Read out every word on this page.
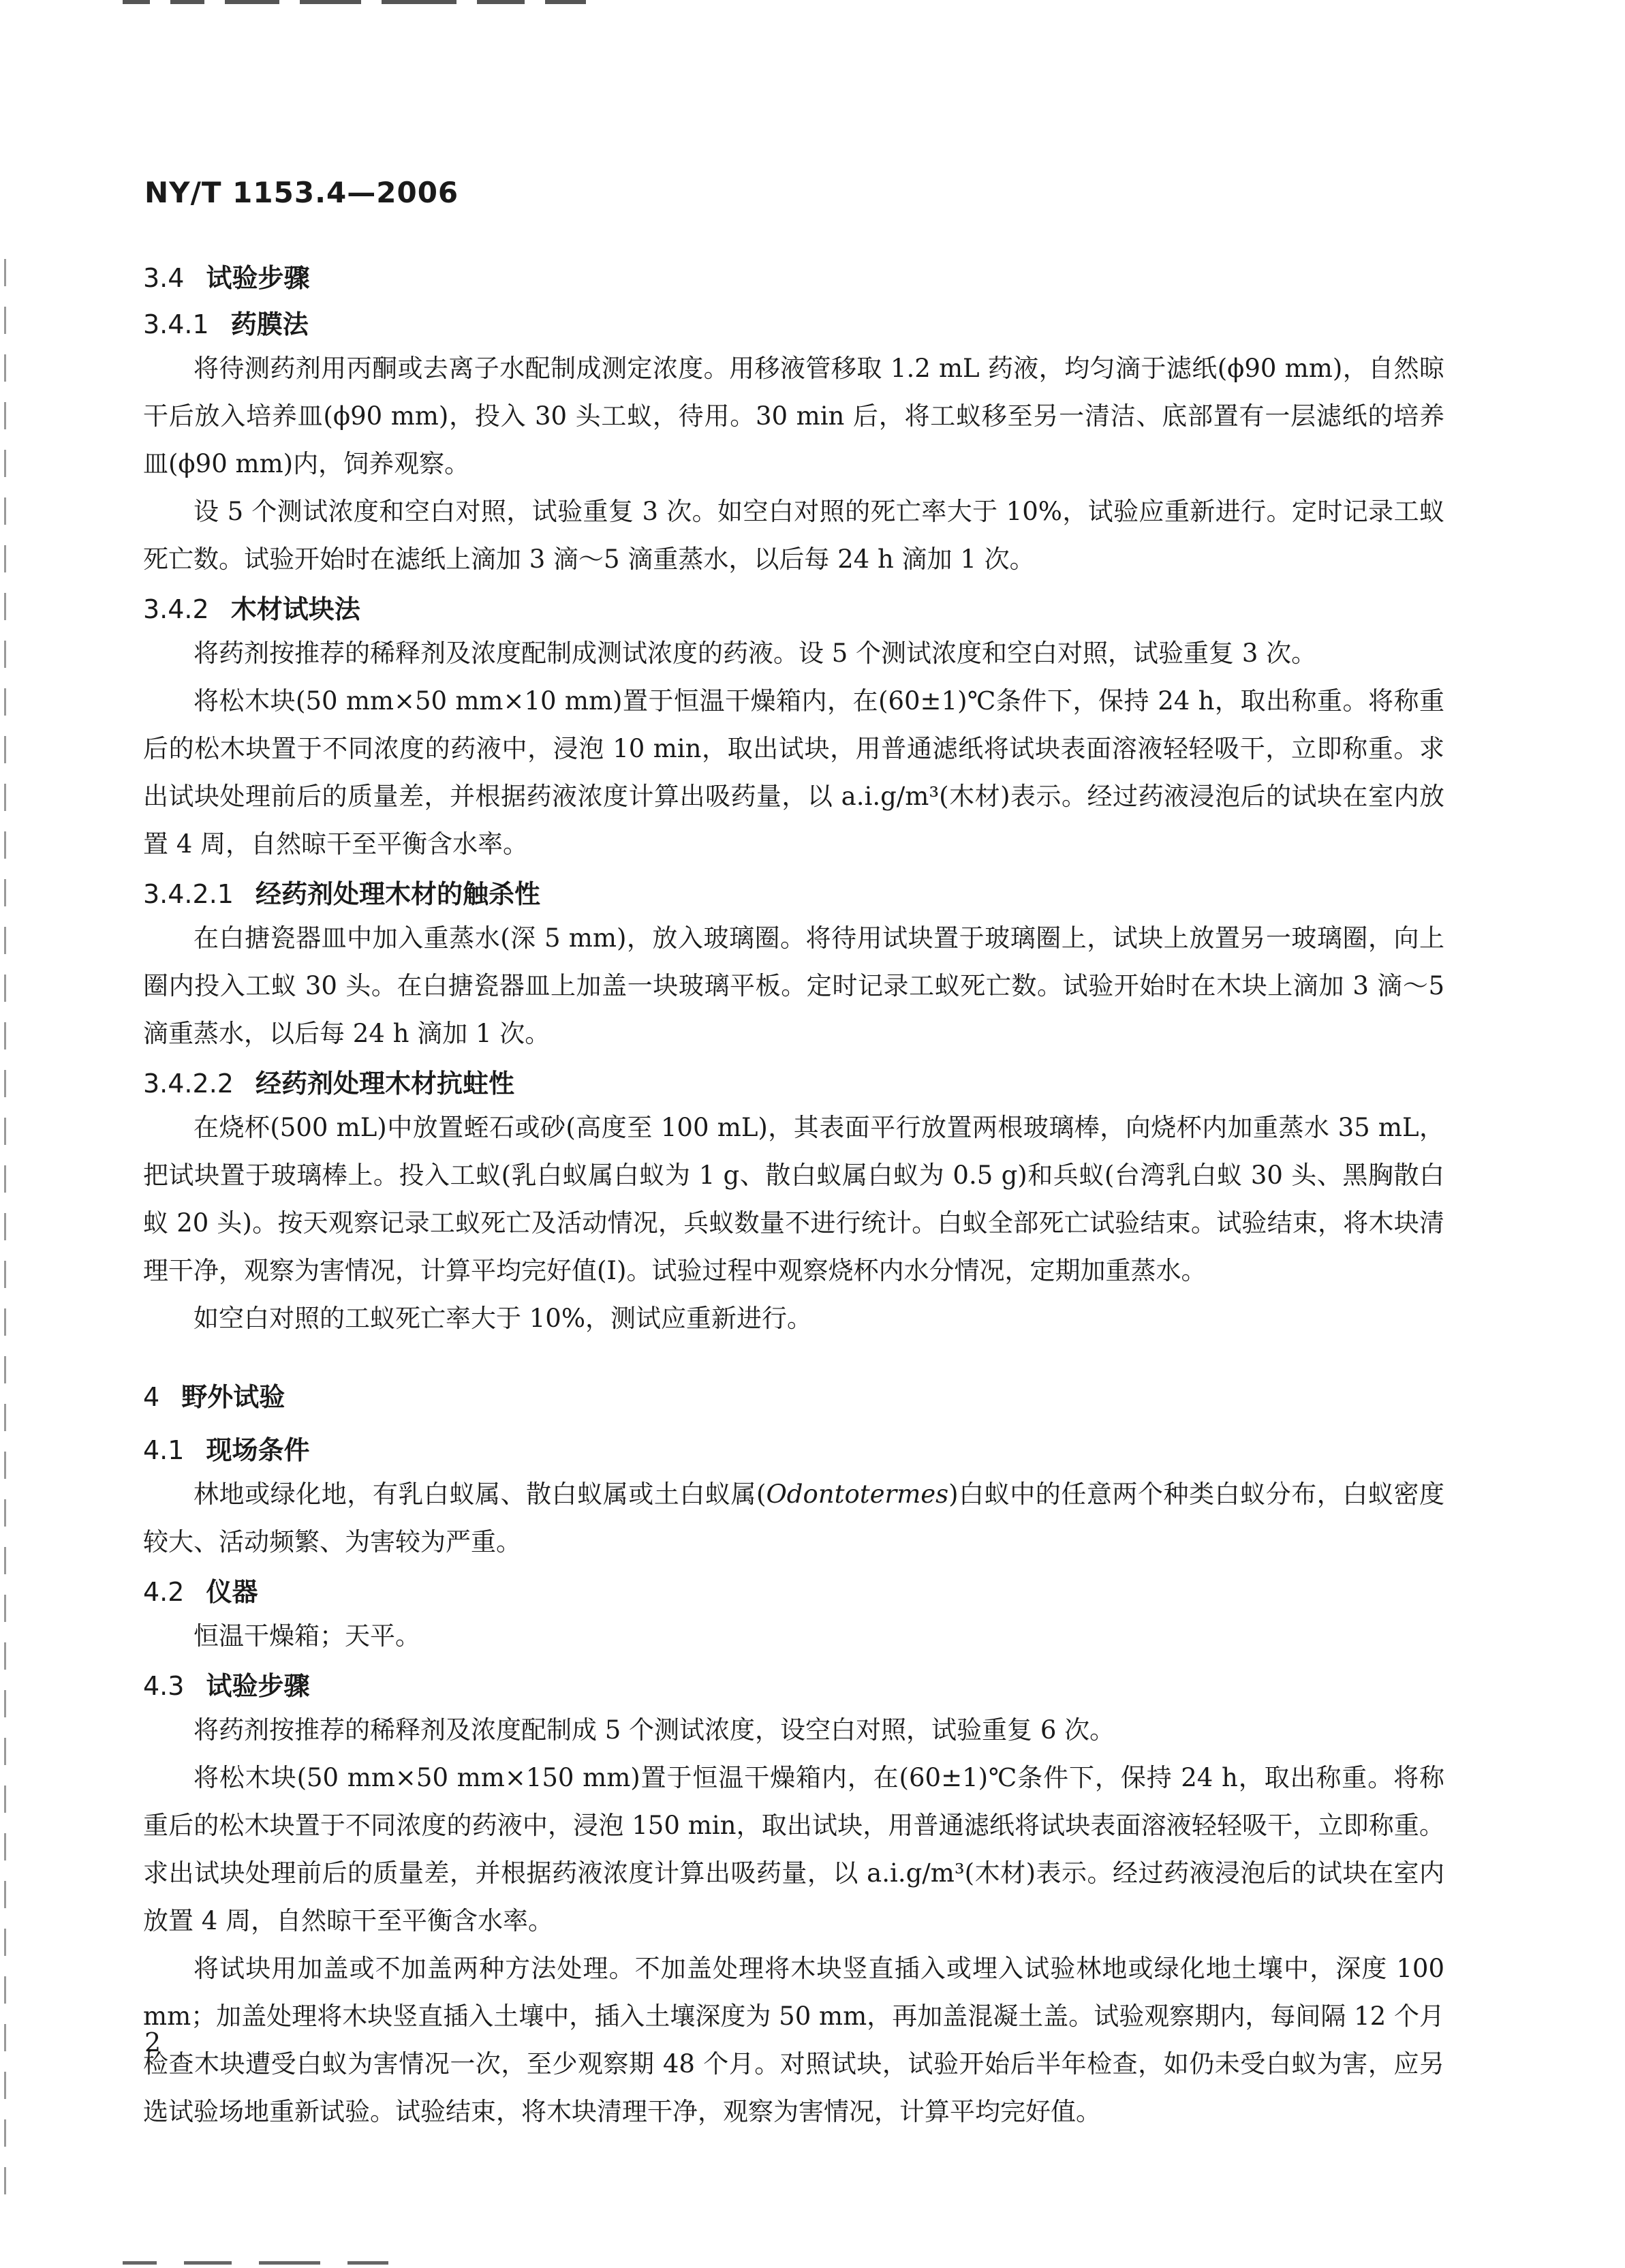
NY/T 1153.4—2006
3.4 试验步骤
3.4.1 药膜法

将待测药剂用丙酮或去离子水配制成测定浓度。用移液管移取 1.2 mL 药液，均匀滴于滤纸(ϕ90 mm)，自然晾干后放入培养皿(ϕ90 mm)，投入 30 头工蚁，待用。30 min 后，将工蚁移至另一清洁、底部置有一层滤纸的培养皿(ϕ90 mm)内，饲养观察。

设 5 个测试浓度和空白对照，试验重复 3 次。如空白对照的死亡率大于 10%，试验应重新进行。定时记录工蚁死亡数。试验开始时在滤纸上滴加 3 滴～5 滴重蒸水，以后每 24 h 滴加 1 次。

3.4.2 木材试块法

将药剂按推荐的稀释剂及浓度配制成测试浓度的药液。设 5 个测试浓度和空白对照，试验重复 3 次。

将松木块(50 mm×50 mm×10 mm)置于恒温干燥箱内，在(60±1)℃条件下，保持 24 h，取出称重。将称重后的松木块置于不同浓度的药液中，浸泡 10 min，取出试块，用普通滤纸将试块表面溶液轻轻吸干，立即称重。求出试块处理前后的质量差，并根据药液浓度计算出吸药量，以 a.i.g/m³(木材)表示。经过药液浸泡后的试块在室内放置 4 周，自然晾干至平衡含水率。

3.4.2.1 经药剂处理木材的触杀性

在白搪瓷器皿中加入重蒸水(深 5 mm)，放入玻璃圈。将待用试块置于玻璃圈上，试块上放置另一玻璃圈，向上圈内投入工蚁 30 头。在白搪瓷器皿上加盖一块玻璃平板。定时记录工蚁死亡数。试验开始时在木块上滴加 3 滴～5 滴重蒸水，以后每 24 h 滴加 1 次。

3.4.2.2 经药剂处理木材抗蛀性

在烧杯(500 mL)中放置蛭石或砂(高度至 100 mL)，其表面平行放置两根玻璃棒，向烧杯内加重蒸水 35 mL，把试块置于玻璃棒上。投入工蚁(乳白蚁属白蚁为 1 g、散白蚁属白蚁为 0.5 g)和兵蚁(台湾乳白蚁 30 头、黑胸散白蚁 20 头)。按天观察记录工蚁死亡及活动情况，兵蚁数量不进行统计。白蚁全部死亡试验结束。试验结束，将木块清理干净，观察为害情况，计算平均完好值(I)。试验过程中观察烧杯内水分情况，定期加重蒸水。

如空白对照的工蚁死亡率大于 10%，测试应重新进行。

4 野外试验
4.1 现场条件

林地或绿化地，有乳白蚁属、散白蚁属或土白蚁属(Odontotermes)白蚁中的任意两个种类白蚁分布，白蚁密度较大、活动频繁、为害较为严重。

4.2 仪器

恒温干燥箱；天平。

4.3 试验步骤

将药剂按推荐的稀释剂及浓度配制成 5 个测试浓度，设空白对照，试验重复 6 次。

将松木块(50 mm×50 mm×150 mm)置于恒温干燥箱内，在(60±1)℃条件下，保持 24 h，取出称重。将称重后的松木块置于不同浓度的药液中，浸泡 150 min，取出试块，用普通滤纸将试块表面溶液轻轻吸干，立即称重。求出试块处理前后的质量差，并根据药液浓度计算出吸药量，以 a.i.g/m³(木材)表示。经过药液浸泡后的试块在室内放置 4 周，自然晾干至平衡含水率。

将试块用加盖或不加盖两种方法处理。不加盖处理将木块竖直插入或埋入试验林地或绿化地土壤中，深度 100 mm；加盖处理将木块竖直插入土壤中，插入土壤深度为 50 mm，再加盖混凝土盖。试验观察期内，每间隔 12 个月检查木块遭受白蚁为害情况一次，至少观察期 48 个月。对照试块，试验开始后半年检查，如仍未受白蚁为害，应另选试验场地重新试验。试验结束，将木块清理干净，观察为害情况，计算平均完好值。

2
